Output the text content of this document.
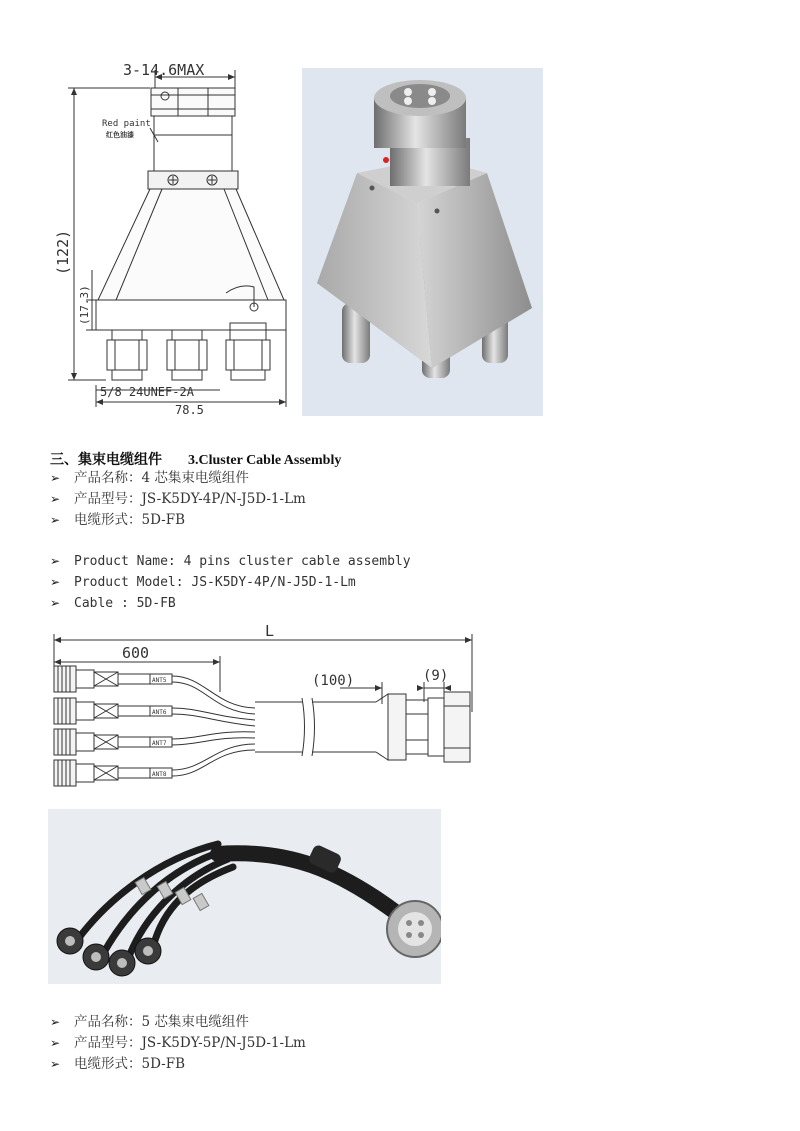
3-14.6MAX
Red paint
红色油漆
(122)
(17.3)
5/8 24UNEF-2A
78.5
三、集束电缆组件 3.Cluster Cable Assembly
➢ 产品名称：4 芯集束电缆组件
➢ 产品型号：JS-K5DY-4P/N-J5D-1-Lm
➢ 电缆形式：5D-FB
➢ Product Name: 4 pins cluster cable assembly
➢ Product Model: JS-K5DY-4P/N-J5D-1-Lm
➢ Cable : 5D-FB
L
600
(100)	(9)
ANT5
ANT6
ANT7
ANT8
➢ 产品名称：5 芯集束电缆组件
➢ 产品型号：JS-K5DY-5P/N-J5D-1-Lm
➢ 电缆形式：5D-FB
